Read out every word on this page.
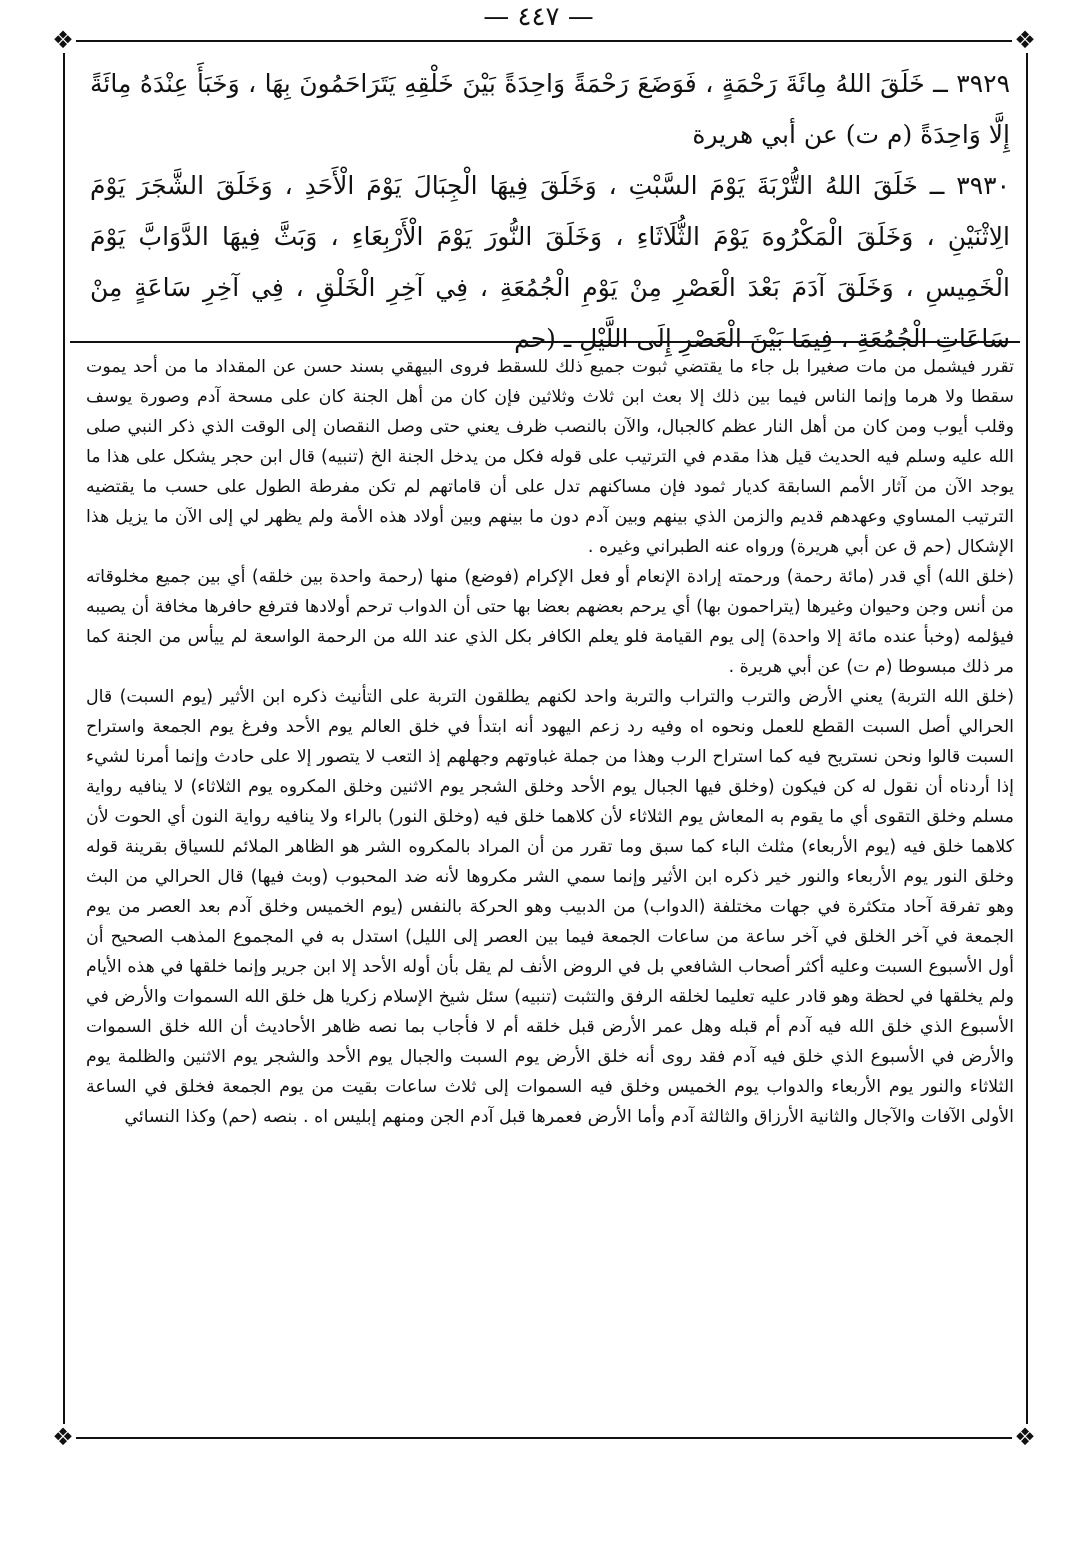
— ٤٤٧ —
❖	❖
❖	❖

٣٩٢٩ ــ خَلَقَ اللهُ مِائَةَ رَحْمَةٍ ، فَوَضَعَ رَحْمَةً وَاحِدَةً بَيْنَ خَلْقِهِ يَتَرَاحَمُونَ بِهَا ، وَخَبَأَ عِنْدَهُ مِائَةً إِلَّا وَاحِدَةً (م ت) عن أبي هريرة

٣٩٣٠ ــ خَلَقَ اللهُ التُّرْبَةَ يَوْمَ السَّبْتِ ، وَخَلَقَ فِيهَا الْجِبَالَ يَوْمَ الْأَحَدِ ، وَخَلَقَ الشَّجَرَ يَوْمَ الِاثْنَيْنِ ، وَخَلَقَ الْمَكْرُوهَ يَوْمَ الثُّلَاثَاءِ ، وَخَلَقَ النُّورَ يَوْمَ الْأَرْبِعَاءِ ، وَبَثَّ فِيهَا الدَّوَابَّ يَوْمَ الْخَمِيسِ ، وَخَلَقَ آدَمَ بَعْدَ الْعَصْرِ مِنْ يَوْمِ الْجُمُعَةِ ، فِي آخِرِ الْخَلْقِ ، فِي آخِرِ سَاعَةٍ مِنْ سَاعَاتِ الْجُمُعَةِ ، فِيمَا بَيْنَ الْعَصْرِ إِلَى اللَّيْلِ ـ (حم

تقرر فيشمل من مات صغيرا بل جاء ما يقتضي ثبوت جميع ذلك للسقط فروى البيهقي بسند حسن عن المقداد ما من أحد يموت سقطا ولا هرما وإنما الناس فيما بين ذلك إلا بعث ابن ثلاث وثلاثين فإن كان من أهل الجنة كان على مسحة آدم وصورة يوسف وقلب أيوب ومن كان من أهل النار عظم كالجبال، والآن بالنصب ظرف يعني حتى وصل النقصان إلى الوقت الذي ذكر النبي صلى الله عليه وسلم فيه الحديث قيل هذا مقدم في الترتيب على قوله فكل من يدخل الجنة الخ (تنبيه) قال ابن حجر يشكل على هذا ما يوجد الآن من آثار الأمم السابقة كديار ثمود فإن مساكنهم تدل على أن قاماتهم لم تكن مفرطة الطول على حسب ما يقتضيه الترتيب المساوي وعهدهم قديم والزمن الذي بينهم وبين آدم دون ما بينهم وبين أولاد هذه الأمة ولم يظهر لي إلى الآن ما يزيل هذا الإشكال (حم ق عن أبي هريرة) ورواه عنه الطبراني وغيره .

(خلق الله) أي قدر (مائة رحمة) ورحمته إرادة الإنعام أو فعل الإكرام (فوضع) منها (رحمة واحدة بين خلقه) أي بين جميع مخلوقاته من أنس وجن وحيوان وغيرها (يتراحمون بها) أي يرحم بعضهم بعضا بها حتى أن الدواب ترحم أولادها فترفع حافرها مخافة أن يصيبه فيؤلمه (وخبأ عنده مائة إلا واحدة) إلى يوم القيامة فلو يعلم الكافر بكل الذي عند الله من الرحمة الواسعة لم ييأس من الجنة كما مر ذلك مبسوطا (م ت) عن أبي هريرة .

(خلق الله التربة) يعني الأرض والترب والتراب والتربة واحد لكنهم يطلقون التربة على التأنيث ذكره ابن الأثير (يوم السبت) قال الحرالي أصل السبت القطع للعمل ونحوه اه وفيه رد زعم اليهود أنه ابتدأ في خلق العالم يوم الأحد وفرغ يوم الجمعة واستراح السبت قالوا ونحن نستريح فيه كما استراح الرب وهذا من جملة غباوتهم وجهلهم إذ التعب لا يتصور إلا على حادث وإنما أمرنا لشيء إذا أردناه أن نقول له كن فيكون (وخلق فيها الجبال يوم الأحد وخلق الشجر يوم الاثنين وخلق المكروه يوم الثلاثاء) لا ينافيه رواية مسلم وخلق التقوى أي ما يقوم به المعاش يوم الثلاثاء لأن كلاهما خلق فيه (وخلق النور) بالراء ولا ينافيه رواية النون أي الحوت لأن كلاهما خلق فيه (يوم الأربعاء) مثلث الباء كما سبق وما تقرر من أن المراد بالمكروه الشر هو الظاهر الملائم للسياق بقرينة قوله وخلق النور يوم الأربعاء والنور خير ذكره ابن الأثير وإنما سمي الشر مكروها لأنه ضد المحبوب (وبث فيها) قال الحرالي من البث وهو تفرقة آحاد متكثرة في جهات مختلفة (الدواب) من الدبيب وهو الحركة بالنفس (يوم الخميس وخلق آدم بعد العصر من يوم الجمعة في آخر الخلق في آخر ساعة من ساعات الجمعة فيما بين العصر إلى الليل) استدل به في المجموع المذهب الصحيح أن أول الأسبوع السبت وعليه أكثر أصحاب الشافعي بل في الروض الأنف لم يقل بأن أوله الأحد إلا ابن جرير وإنما خلقها في هذه الأيام ولم يخلقها في لحظة وهو قادر عليه تعليما لخلقه الرفق والتثبت (تنبيه) سئل شيخ الإسلام زكريا هل خلق الله السموات والأرض في الأسبوع الذي خلق الله فيه آدم أم قبله وهل عمر الأرض قبل خلقه أم لا فأجاب بما نصه ظاهر الأحاديث أن الله خلق السموات والأرض في الأسبوع الذي خلق فيه آدم فقد روى أنه خلق الأرض يوم السبت والجبال يوم الأحد والشجر يوم الاثنين والظلمة يوم الثلاثاء والنور يوم الأربعاء والدواب يوم الخميس وخلق فيه السموات إلى ثلاث ساعات بقيت من يوم الجمعة فخلق في الساعة الأولى الآفات والآجال والثانية الأرزاق والثالثة آدم وأما الأرض فعمرها قبل آدم الجن ومنهم إبليس اه . بنصه (حم) وكذا النسائي
